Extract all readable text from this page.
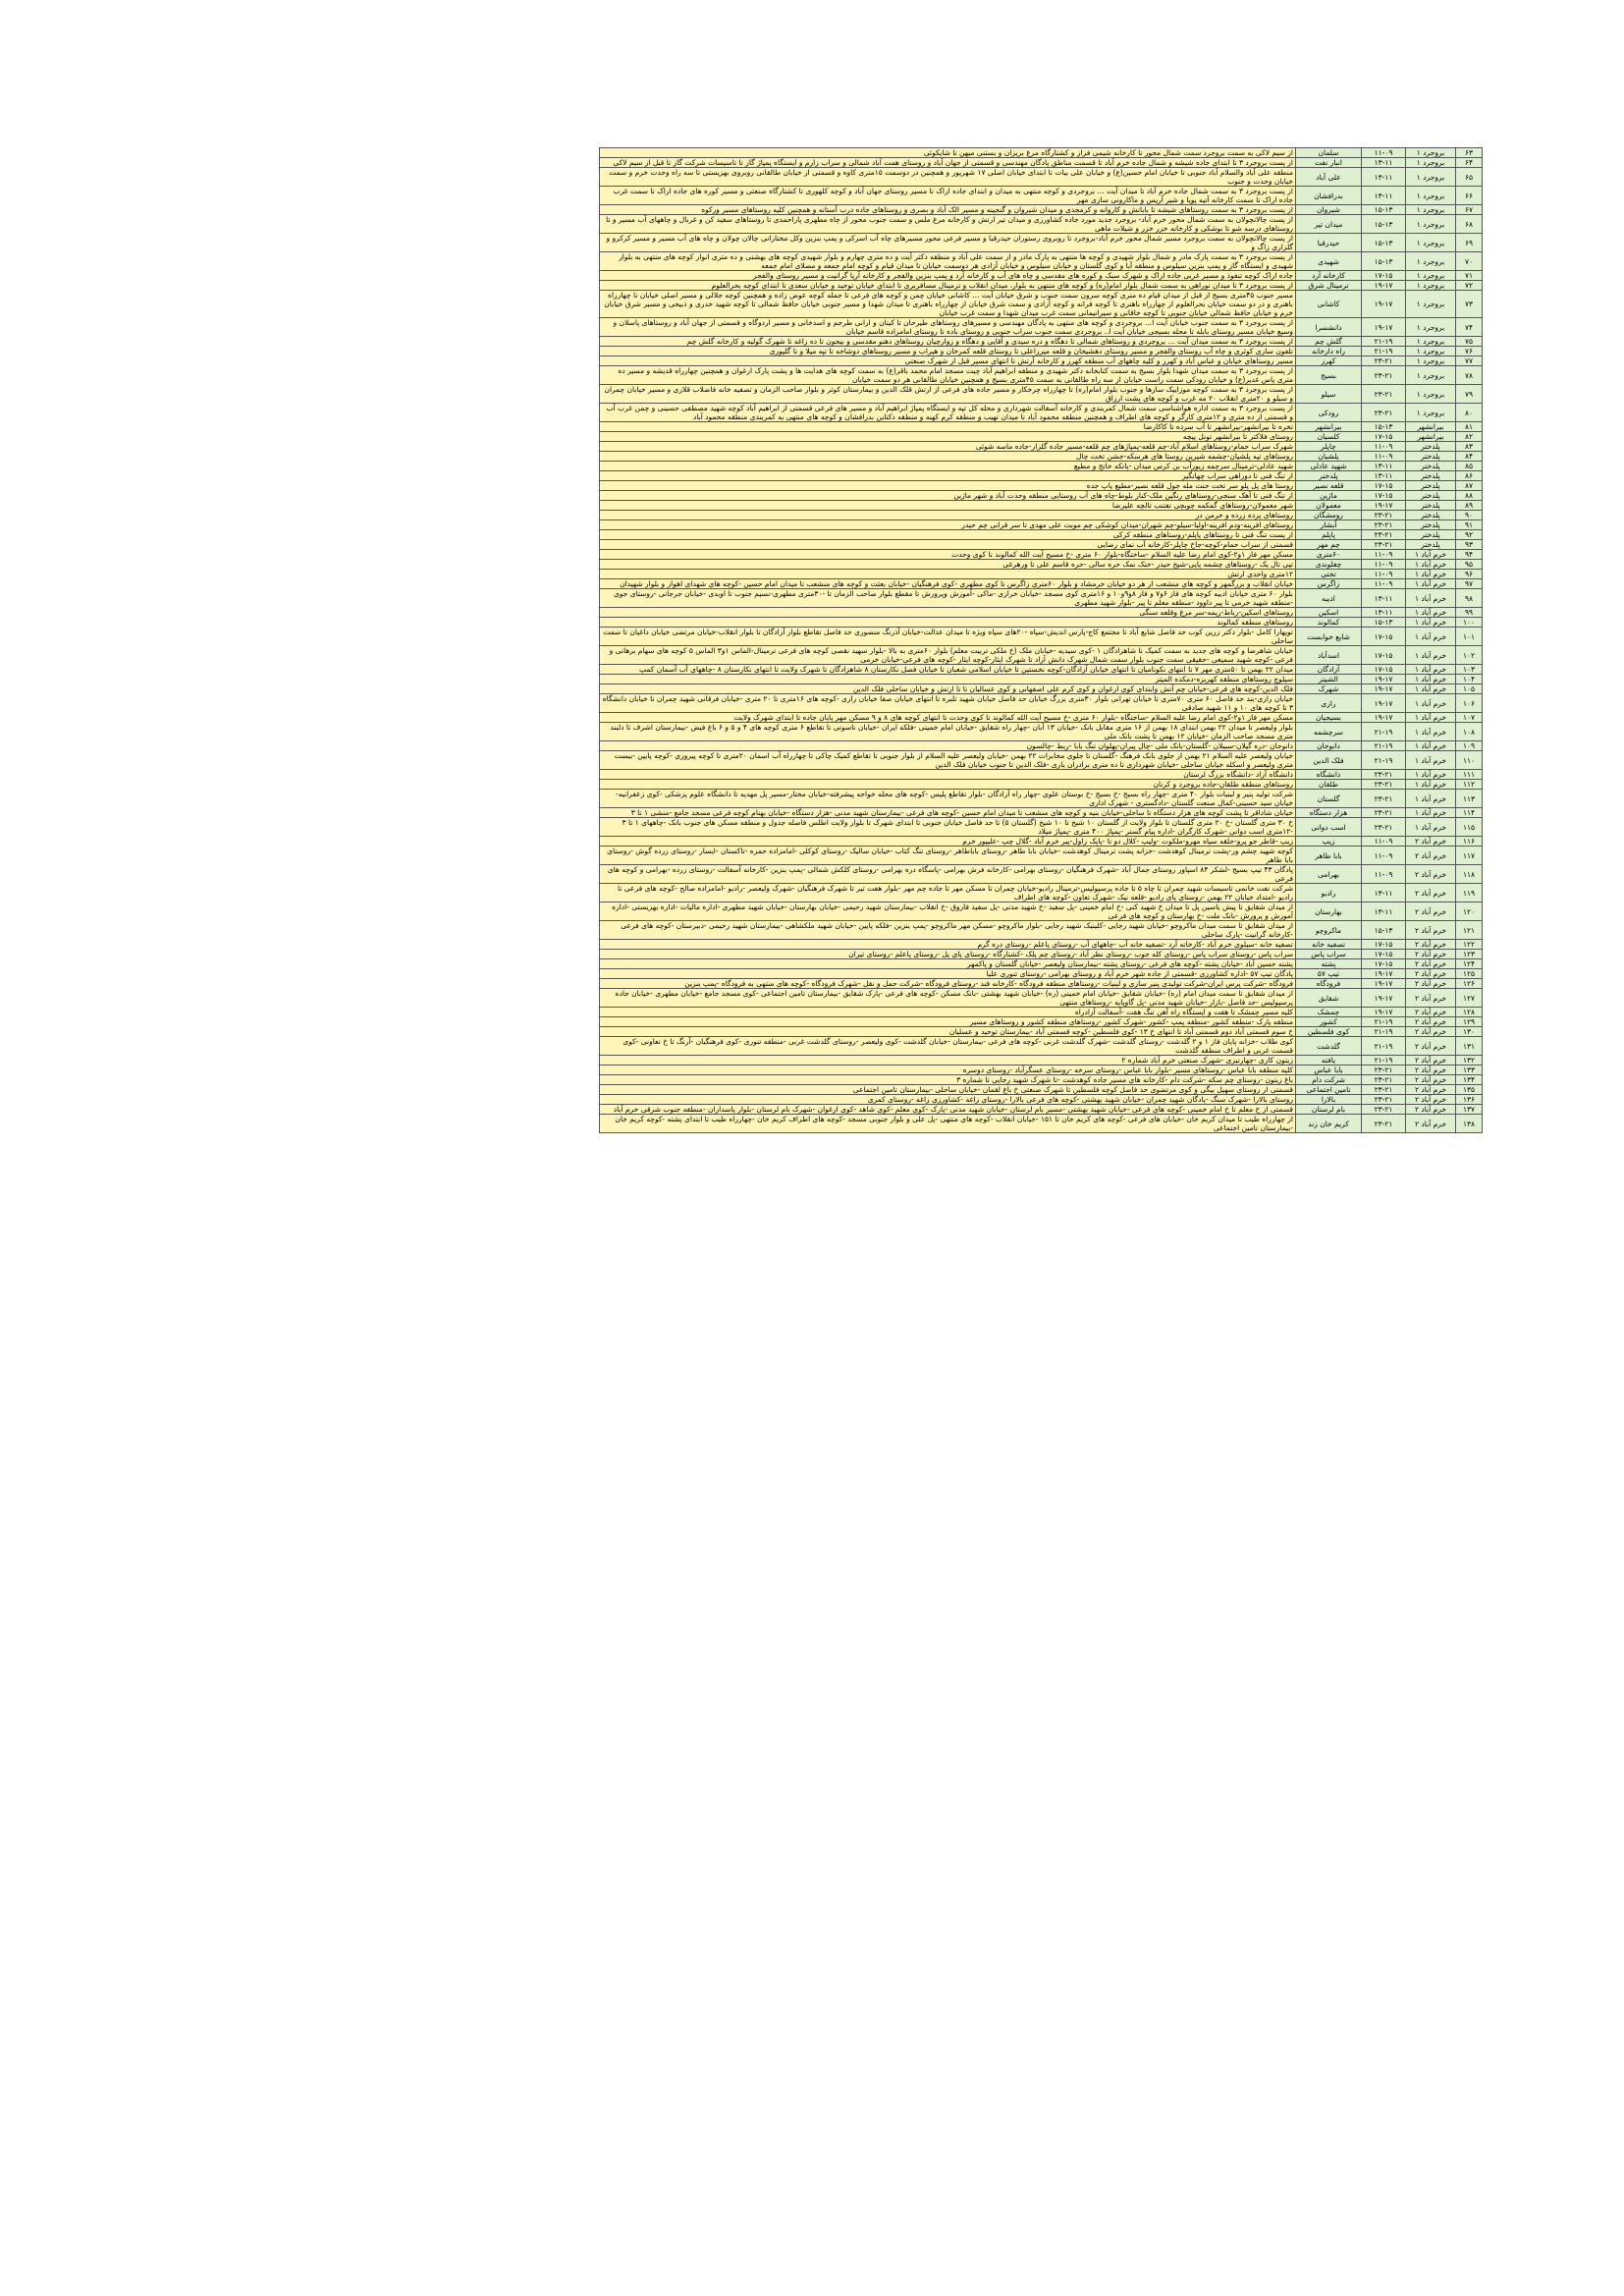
۶۳	بروجرد ۱	۱۱-۰۹	سلمان	از سیم لاکی به سمت بروجرد سمت شمال محور تا کارخانه شیمی فراز و کشتارگاه مرغ بریزان و بستنی میهن تا شایکوئی
۶۴	بروجرد ۱	۱۳-۱۱	انبار نفت	از پست بروجرد ۳ تا ابتدای جاده شیشه و شمال جاده خرم آباد تا قسمت مناطق پادگان مهندسی و قسمتی از جهان آباد و روستای همت آباد شمالی و سراب زارم و ایستگاه پمپاژ گاز تا تاسیسات شرکت گاز تا قبل از سیم لاکی
۶۵	بروجرد ۱	۱۳-۱۱	علی آباد	منطقه علی آباد والسلام آباد جنوبی تا خیابان امام حسین(ع) و خیابان علی بیات تا ابتدای خیابان اصلی ۱۷ شهریور و همچنین در دوسمت ۱۵متری کاوه و قسمتی از خیابان طالقانی روبروی بهزیستی تا سه راه وحدت خرم و سمت خیابان وحدت و جنوب
۶۶	بروجرد ۱	۱۳-۱۱	بدرافشان	از پست بروجرد ۳ به سمت شمال جاده خرم آباد تا میدان آیت ... بروجردی و کوچه منتهی به میدان و ابتدای جاده اراک تا مسیر روستای جهان آباد و کوچه کلهوری تا کشتارگاه صنعتی و مسیر کوره های جاده اراک تا سمت غرب جاده اراک تا سمت کارخانه آتیه پویا و شیر آریس و ماکارونی سازی مهر
۶۷	بروجرد ۱	۱۵-۱۳	شیروان	از پست بروجرد ۳ به سمت روستاهای شیشه تا باباتش و کاروانه و کرمجدی و میدان شیروان و گنجینه و مسیر الک آباد و بصری و روستاهای جاده درب آستانه و همچنین کلیه روستاهای مسیر ورکوه
۶۸	بروجرد ۱	۱۵-۱۳	میدان تیر	از پست چالانچولان به سمت شمال محور خرم آباد- بروجرد جدید مورد جاده کشاورزی و میدان تیر ارتش و کارخانه مرغ ملس و سمت جنوب محور از چاه مطهری پاراحمدی تا روستاهای سفید کن و غربال و چاههای آب مسیر و تا روستاهای درسه شو تا نوشکی و کارخانه خزر خزر و شیلات ماهی
۶۹	بروجرد ۱	۱۵-۱۳	حیدرقبا	از پست چالانچولان به سمت بروجرد مسیر شمال محور خرم آباد-بروجرد تا روبروی رستوران حیدرقبا و مسیر فرعی محور مسیرهای چاه آب اسرکی و پمپ بنزین وکل مختارانی چالان چولان و چاه های آب مسیر و مسیر کرکرو و گلزاری زاگ و
۷۰	بروجرد ۱	۱۵-۱۳	شهیدی	از پست بروجرد ۳ به سمت پارک مادر و شمال بلوار شهیدی و کوچه ها منتهی به پارک مادر و از سمت علی آباد و منطقه دکتر آیت و ده متری چهارم و بلوار شهیدی کوچه های بهشتی و ده متری انوار کوچه های منتهی به بلوار شهیدی و ایستگاه گاز و پمپ بنزین سیلوس و منطقه آبا و کوی گلستان و خیابان سیلوس و خیابان آزادی هر دوسمت خیابان تا میدان قیام و کوچه امام جمعه و مصلای امام جمعه
۷۱	بروجرد ۱	۱۷-۱۵	کارخانه آرد	جاده اراک کوچه تنفوذ و مسیر غربی جاده اراک و شهرک سبک و کوره های مقدسی و چاه های آب و کارخانه آرد و پمپ بنزین والفجر و کارخانه آریا گرانیت و مسیر روستای والفجر
۷۲	بروجرد ۱	۱۹-۱۷	ترمینال شرق	از پست بروجرد ۳ تا میدان نوراهی به سمت شمال بلوار امام(ره) و کوچه های منتهی به بلوار، میدان انقلاب و ترمینال مسافربری تا ابتدای خیابان توحید و خیابان سعدی تا ابتدای کوچه بحرالعلوم
۷۳	بروجرد ۱	۱۹-۱۷	کاشانی	مسیر جنوب ۴۵متری بسیج از قبل از میدان قیام ده متری کوچه سرون سمت جنوب و شرق خیابان آیت ... کاشانی خیابان چمن و کوچه های فرعی تا جمله کوچه عوض زاده و همچنین کوچه جلالی و مسیر اصلی خیابان تا چهارراه باهنری و در دو سمت خیابان بحرالعلوم از چهارراه باهنری تا کوچه فرانه و کوچه آزادی و سمت شرق خیابان از چهارراه باهنری تا میدان شهدا و مسیر جنوبی خیابان حافظ شمالی تا کوچه شهید خدری و ذبیحی و مسیر شرق خیابان خرم و خیابان حافظ شمالی خیابان جنوبی تا کوچه خاقانی و سیرانیمانی سمت غرب میدان شهدا و سمت غرب خیابان
۷۴	بروجرد ۱	۱۹-۱۷	دانشسرا	از پست بروجرد ۳ به سمت جنوب خیابان آیت ا... بروجردی و کوچه های منتهی به پادگان مهندسی و مسیرهای روستاهای طیرحان تا کیتان و ارانی طرجم و اسدخانی و مسیر اردوگاه و قسمتی از جهان آباد و روستاهای پاسلان و وسیع خیابان مسیر روستای بابله تا محله بسیجی خیابان آیت ا.. بروجردی سمت جنوب سراب جنوبی و روستای باده تا روستای امامزاده قاسم خیابان
۷۵	بروجرد ۱	۲۱-۱۹	گلش چم	از پست بروجرد ۳ به سمت میدان آیت ... بروجردی و روستاهای شمالی تا دهگاه و دره سیدی و آقایی و دهگاه و زوارچیان روستاهای دهنو مقدسی و بیجون تا ده زاغه تا شهرک گولیه و کارخانه گلش چم
۷۶	بروجرد ۱	۲۱-۱۹	راه دارخانه	تلفون سازی کوثری و چاه آب روستای والفجر و مسیر روستای دهشیخان و قلعه میرزاعلی تا روستای قلعه کمرخان و هیراب و مسیر روستاهای دوشاخه تا تپه میلا و تا گلپوری
۷۷	بروجرد ۱	۲۳-۲۱	کهرز	مسیر روستاهای خیابان و عباس آباد و کهرز و کلیه چاههای آب منطقه کهرز و کارخانه آرتش تا انتهای مسیر قبل از شهرک صنعتی
۷۸	بروجرد ۱	۲۳-۲۱	بسیج	از پست بروجرد ۳ به سمت میدان شهدا بلوار بسیج به سمت کتابخانه دکتر شهیدی و منطقه ابراهیم آباد چیت مسجد امام محمد باقر(ع) به سمت کوچه های هدایت ها و پشت پارک ارغوان و همچنین چهارراه قدیشه و مسیر ده متری پاس غدیر(ع) و خیابان رودکی سمت راست خیابان از سه راه طالقانی به سمت ۴۵متری بسیج و همچنین خیابان طالقانی هر دو سمت خیابان
۷۹	بروجرد ۱	۲۳-۲۱	سیلو	از پست بروجرد ۳ به سمت کوچه موزاییک سازها و جنوب بلوار امام(ره) تا چهارراه چرخکار و مسیر جاده های فرعی از ارتش قلک الدین و بیمارستان کوثر و بلوار صاحب الزمان و تصفیه خانه فاضلاب قلاری و مسیر خیابان چمران و سیلو و ۲۰متری انقلاب ۲۰ مه غرب و کوچه های پشت ارزاق
۸۰	بروجرد ۱	۲۳-۲۱	رودکی	از پست بروجرد ۳ به سمت اداره هواشناسی سمت شمال کمربندی و کارخانه آسفالت شهرداری و محله کل تپه و ایستگاه پمپاژ ابراهیم آباد و مسیر های فرعی قسمتی از ابراهیم آباد کوچه شهید مصطفی حسینی و چمن غرب آب و قسمتی از ده متری و ۱۲متری کارگر و کوچه های اطراف و همچنین منطقه محمود آباد تا میدان تهیب و منطقه کرم کهنه و منطقه دکتاین بدرافشان و کوچه های منتهی به کمربندی منطقه محمود آباد
۸۱	بیرانشهر	۱۵-۱۳	بیرانشهر	تخره تا بیرانشهر-بیرانشهر تا آب سرده تا کاکارضا
۸۲	بیرانشهر	۱۷-۱۵	کلسیان	روستای فلاکتر تا بیرانشهر تونل پیچه
۸۳	پلدختر	۱۱-۰۹	چاپلر	شهرک سراب حمام-روستاهای اسلام آباد-چم قلعه-پمپاژهای چم قلعه-مسیر جاده گلزار-جاده ماسه شوئی
۸۴	پلدختر	۱۱-۰۹	پلشیان	روستاهای تپه پلشیان-چشمه شیرین روستا های هرسکه-جشن تخت چال
۸۵	پلدختر	۱۳-۱۱	شهید عادلی	شهید عادلی-ترمینال سرچمه زیورآب بن کرس میدان -پاتکه خانج و مطیع
۸۶	پلدختر	۱۳-۱۱	پلدختر	از تنگ فنی تا دوراهی سراب چهانگیر
۸۷	پلدختر	۱۷-۱۵	قلعه نصیر	روستا های پل پلو سر تخت حنت مله جول قلعه نصیر-مطیع پاپ جده
۸۸	پلدختر	۱۷-۱۵	ماژین	از تنگ فنی تا آهک سنجی-روستاهای رنگین ملک-کنار بلوط-چاه های آب روستایی منطقه وحدت آباد و شهر ماژین
۸۹	پلدختر	۱۹-۱۷	معمولان	شهر معمولان-روستاهای گمکمه چوبچی تفتنب تالچه علیرضا
۹۰	پلدختر	۲۳-۲۱	رومشگان	روستاهای پرده زرده و خرمن در
۹۱	پلدختر	۲۳-۲۱	آبشار	روستاهای افرینه-ودم افرینه-اولیا-سیلو-چم شهران-میدان کوشکی چم موبت علی مهدی تا سر قرانی چم حیدر
۹۲	پلدختر	۲۳-۲۱	پاپلم	از پست تنگ فنی تا روستاهای پاپلم-روستاهای منطقه کرکی
۹۳	پلدختر	۲۳-۲۱	چم مهر	قسمتی از سراب حمام-کوچه-جاخ چاپلر-کارخانه آب نمای رضایی
۹۴	خرم آباد ۱	۱۱-۰۹	۶۰متری	مسکن مهر فاز ۱و۲-کوی امام رضا علیه السلام -ساختگاه-بلوار ۶۰ متری -خ مسیح آیت الله کمالوند تا کوی وحدت
۹۵	خرم آباد ۱	۱۱-۰۹	چغلوندی	تپی تال یک -روستاهای چشمه پاپی-شیخ حیدر -خنک نمک حره سالی -حره قاسم علی تا ورهرغی
۹۶	خرم آباد ۱	۱۱-۰۹	تختی	۱۲متری واحدی ارتش
۹۷	خرم آباد ۱	۱۱-۰۹	زاگرس	خیابان انقلاب و بزرگمهر و کوچه های منشعب از هر دو خیابان خرمشاد و بلوار ۶۰متری زاگرس تا کوی مطهری -کوی فرهنگیان -خیابان بعثت و کوچه های منشعب تا میدان امام حسین -کوچه های شهدای اهواز و بلوار شهیدان
۹۸	خرم آباد ۱	۱۳-۱۱	ادیبه	بلوار ۶۰ متری خیابان ادیبه کوچه های فاز ۶و۷ و فاز ۸و۹و۱۰ و ۱۶متری کوی مسجد -خیابان خرازی -ماکی -آموزش وپرورش تا مقطع بلوار صاحب الزمان تا -۳۰متری مطهری-نسیم جنوب تا اوبدی -خیابان جرجانی -روستای جوی -منطقه شهید خرمی تا پیر داوود -منطقه معلم تا پیر -بلوار شهید مطهری
۹۹	خرم آباد ۱	۱۳-۱۱	اسکین	روستاهای اسکین-رباط-رپمه-سر مرغ وقلعه سنگی
۱۰۰	خرم آباد ۱	۱۵-۱۳	کمالوند	روستاهای منطقه کمالوند
۱۰۱	خرم آباد ۱	۱۷-۱۵	شایع خوابست	توپهارا کامل -بلوار دکتر زرین کوب حد فاصل شایع آباد تا مجتمع کاج-پارس اندیش-سپاه -۲۰های سپاه ویژه تا میدان عدالت-خیابان آذرنگ منصوری حد فاصل تقاطع بلوار آزادگان تا بلوار انقلاب-خیابان مرتضی خیابان داغیان تا سمت ساحلی
۱۰۲	خرم آباد ۱	۱۷-۱۵	اسدآباد	خیابان شاهرضا و کوچه های جدید به سمت کمیک تا شاهزادگان ۱ -کوی سیدیه -خیابان ملک (خ ملکی تربیت معلم) بلوار ۶۰متری به بالا -بلوار سهید نقصی کوچه های فرعی ترمینال-الماس ۱و۳ الماس ۵ کوچه های سهام برهانی و فرعی -کوچه شهید سمیعی -حقیقی سمت جنوب بلوار سمت شمال شهرک دانش آزاد تا شهرک ایثار-کوچه ایثار -کوچه های فرعی-خیابان خرمی
۱۰۳	خرم آباد ۱	۱۷-۱۵	آزادگان	میدان ۲۲ بهمن تا ۵۰متری مهر ۷ تا انتهای نکونامیان تا انتهای خیابان آزادگان-کوچه نخستین تا خیابان اسلامی شعبان تا خیابان فصل نکارستان ۸ شاهزادگان تا شهرک ولایت تا انتهای نکارستان ۸ -چاههای آب آسمان کمپ
۱۰۴	خرم آباد ۱	۱۹-۱۷	الشیتر	سیلوچ روستاهای منطقه کهریزه-دمکده المیتر
۱۰۵	خرم آباد ۱	۱۹-۱۷	شهرک	فلک الدین-کوچه های فرعی-خیابان چم آتش وابتدای کوی ارغوان و کوی کرم علی اصفهانی و کوی عسالیان تا تا ارتش و خیابان ساحلی فلک الدین
۱۰۶	خرم آباد ۱	۱۹-۱۷	رازی	خیابان رازی-بند حد فاصل ۶۰ متری ۷۰متری تا خیابان تهرانی بلوار ۳۰متری بزرگ خیابان حد فاصل خیابان شهید تلبره تا انتهای خیابان صفا خیابان رازی -کوچه های ۱۶متری تا ۲۰ متری -خیابان فرقانی شهید چمران تا خیابان دانشگاه ۳ تا کوچه های ۱۰ و ۱۱ شهید صادقی
۱۰۷	خرم آباد ۱	۱۹-۱۷	بسیجیان	مسکن مهر فاز ۱و۲-کوی امام رضا علیه السلام -ساختگاه -بلوار ۶۰ متری -خ مسیح آیت الله کمالوند تا کوی وحدت تا انتهای کوچه های ۸ و ۹ مسکن مهر پایان جاده تا ابتدای شهرک ولایت
۱۰۸	خرم آباد ۱	۲۱-۱۹	سرچشمه	بلوار ولیعصر تا میدان ۲۲ بهمن ابتدای ۱۸ بهمن از ۱۶ متری مقابل بانک -خیابان ۱۳ آبان -چهار راه شقایق -خیابان امام خمینی -فلکه ایران -خیابان ناسوتی تا تقاطع ۶ متری کوچه های ۴ و ۵ و ۶ باغ فیض -بیمارستان اشرف تا دلبند متری مسجد صاحب الزمان -خیابان ۱۲ بهمن تا پشت بانک ملی
۱۰۹	خرم آباد ۱	۲۱-۱۹	دانوجان	دانوجان -دره گیلان-سبیلان -گلستان-بانک ملی -چال پیران-پهلوان تنگ بابا -ربط -چالسون
۱۱۰	خرم آباد ۱	۲۱-۱۹	فلک الدین	خیابان ولیعصر علیه السلام ۲۱ بهمن از جلوی بانک فرهنگ -گلستان تا جلوی مخابرات ۲۲ بهمن -خیابان ولیعصر علیه السلام از بلوار جنوبی تا تقاطع کمیک چاکی تا چهارراه آب اسمان ۲۰متری تا کوچه پیروزی -کوچه پایین -بیست متری ولیعصر و اسکله خیابان ساحلی -خیابان شهرداری تا ده متری برادران یاری -فلک الدین تا جنوب خیابان فلک الدین
۱۱۱	خرم آباد ۱	۲۳-۲۱	دانشگاه	دانشگاه آزاد -دانشگاه بزرگ لرستان
۱۱۲	خرم آباد ۱	۲۳-۲۱	طلقان	روستاهای منطقه طلقان-جاده بروجرد و کرنان
۱۱۳	خرم آباد ۱	۲۳-۲۱	گلستان	شرکت تولید پنیر و لبنیات بلوار ۴۰ متری -چهار راه بسیج -خ بسیج -خ بوستان علوی -چهار راه آزادگان -بلوار تقاطع پلیس -کوچه های محله خواجه پیشرفته-خیابان مختار-مسیر پل مهدیه تا دانشگاه علوم پزشکی -کوی زعفرانیه-خیابان سید حسینی-کمال صنعت گلستان -دادگستری - شهرک اداری
۱۱۴	خرم آباد ۱	۲۳-۲۱	هزار دستگاه	خیابان شاداقر تا پشت کوچه های هزار دستگاه تا ساحلی-خیابان بنیه و کوچه های منشعب تا میدان امام حسین -کوچه های فرعی -بیمارستان شهید مدنی -هزار دستگاه -خیابان بهنام کوچه فرعی مسجد جامع -منشی ۱ تا ۳
۱۱۵	خرم آباد ۱	۲۳-۲۱	اسب دوانی	خ ۳۰ متری گلستان -خ ۲۰ متری گلستان تا بلوار ولایت از گلستان ۱۰ شیخ تا ۱۰ شیخ (گلستان ۵) تا حد فاصل خیابان جنوبی تا ابتدای شهرک تا بلوار ولایت اطلس فاصله جدول و منطقه مسکن های جنوب بانک -چاههای ۱ تا ۳ -۱۲متری اسب دوانی -شهرک کارگران -اداره پیام گستر -پمپاژ ۴۰۰ متری -پمپاژ میلاد
۱۱۶	خرم آباد ۲	۱۱-۰۹	زیپ	زیپ -قاطر جو پرو-حلقه سیاه مهرو-ملکوت -ولیپ -کلال دو تا -پاپک زاول-پیر خرم آباد -گلال چپ -علیپور خرم
۱۱۷	خرم آباد ۲	۱۱-۰۹	بابا طاهر	کوچه شهید چشم ور-پشت ترمینال کوهدشت -خزانه پشت ترمینال کوهدشت -خیابان بابا طاهر -روستای باباطاهر -روستای تنگ کتاب -خیابان سالیک -روستای کوکلی -امامزاده حمزه -تاکستان -ایسار -روستای زرده گوش -روستای بابا طاهر
۱۱۸	خرم آباد ۲	۱۱-۰۹	بهرامی	پادگان ۴۳ تیپ بسیج -لشکر ۸۴ اسپاور روستای جمال آباد -شهرک فرهنگیان -روستای بهرامی -کارخانه فرش بهرامی -پاسگاه دره بهرامی -روستای کلکش شمالی -پمپ بنزین -کارخانه آسفالت -روستای زرده -بهرامی و کوچه های فرعی
۱۱۹	خرم آباد ۲	۱۳-۱۱	رادیو	شرکت نفت خانمی تاسیسات شهید چمران تا چاه ۵ تا جاده پرسپولیس-ترمینال رادیو-خیابان چمران تا مسکن مهر تا جاده چم مهر -بلوار هفت تیر تا شهرک فرهنگیان -شهرک ولیعصر -رادیو -امامزاده صالح -کوچه های فرعی تا رادیو -امتداد خیابان ۲۲ بهمن -روستای پای رادیو -قلعه نیک -شهرک تعاون -کوچه های اطراف
۱۲۰	خرم آباد ۲	۱۳-۱۱	بهارستان	از میدان شقایق تا پیش یاسین پل تا میدان خ شهید کنی -خ امام خمینی -پل سفید -خ شهید مدنی -پل سفید فاروق -خ انقلاب -بیمارستان شهید رحیمی -خیابان بهارستان -خیابان شهید مطهری -اداره مالیات -اداره بهزیستی -اداره آموزش و پرورش -بانک ملت -خ بهارستان و کوچه های فرعی
۱۲۱	خرم آباد ۲	۱۵-۱۳	ماکروچو	از میدان شقایق تا سمت میدان ماکروچو -خیابان شهید رجایی -کلینیک شهید رجایی -بلوار ماکروچو -مسکن مهر ماکروچو -پمپ بنزین -فلکه پایین -خیابان شهید ملکشاهی -بیمارستان شهید رحیمی -دبیرستان -کوچه های فرعی -کارخانه گرانیت -پارک ساحلی
۱۲۲	خرم آباد ۲	۱۷-۱۵	تصفیه خانه	تصفیه خانه -سیلوی خرم آباد -کارخانه آرد -تصفیه خانه آب -چاههای آب -روستای پاعلم -روستای دره گرم
۱۲۳	خرم آباد ۲	۱۷-۱۵	سراب پاس	سراب پاس -روستای سراب پاس -روستای کله جوب -روستای نظر آباد -روستای چم پلک -کشتارگاه -روستای پای پل -روستای پاعلم -روستای تیران
۱۲۴	خرم آباد ۲	۱۷-۱۵	پشته	پشته حسین آباد -خیابان پشته -کوچه های فرعی -روستای پشته -بیمارستان ولیعصر -خیابان گلستان و پاکمهر
۱۲۵	خرم آباد ۲	۱۹-۱۷	تیپ ۵۷	پادگان تیپ ۵۷ -اداره کشاورزی -قسمتی از جاده شهر خرم آباد و روستای بهرامی -روستای تنوری علیا
۱۲۶	خرم آباد ۲	۱۹-۱۷	فرودگاه	فرودگاه -شرکت پرس ایران-شرکت تولیدی پنیر سازی و لبنیات -روستاهای منطقه فرودگاه -کارخانه قند -روستای فرودگاه -شرکت حمل و نقل -شهرک فرودگاه -کوچه های منتهی به فرودگاه -پمپ بنزین
۱۲۷	خرم آباد ۲	۱۹-۱۷	شقایق	از میدان شقایق تا سمت میدان امام (ره) -خیابان شقایق -خیابان امام خمینی (ره) -خیابان شهید بهشتی -بانک مسکن -کوچه های فرعی -پارک شقایق -بیمارستان تامین اجتماعی -کوی مسجد جامع -خیابان مطهری -خیابان جاده پرسپولیس -حد فاصل -بازار -خیابان شهید مدنی -پل گاوپایه -روستاهای منتهی
۱۲۸	خرم آباد ۲	۱۹-۱۷	چمشک	کلیه مسیر چمشک تا هفت و ایستگاه راه آهن تنگ هفت -آسفالت آزادراه
۱۲۹	خرم آباد ۲	۲۱-۱۹	کشور	منطقه پارک -منطقه کشور -منطقه پمپ -کشور -شهرک کشور -روستاهای منطقه کشور و روستاهای مسیر
۱۳۰	خرم آباد ۲	۲۱-۱۹	کوی فلسطین	خ سوم قسمتی آباد دوم قسمتی آباد تا انتهای خ ۱۳ -کوی فلسطین -کوچه قسمتی آباد -بیمارستان توحید و عسلیان
۱۳۱	خرم آباد ۲	۲۱-۱۹	گلدشت	کوی طلاب -خزانه پایان فاز ۱ و ۲ گلدشت -روستای گلدشت -شهرک گلدشت غربی -کوچه های فرعی -بیمارستان -خیابان گلدشت -کوی ولیعصر -روستای گلدشت غربی -منطقه تنوری -کوی فرهنگیان -آرنگ تا خ تعاونی -کوی قسمت غربی و اطراف منطقه گلدشت
۱۳۲	خرم آباد ۲	۲۱-۱۹	یافته	زیتون کاری -چهارتیزی -شهرک صنعتی خرم آباد شماره ۲
۱۳۳	خرم آباد ۲	۲۳-۲۱	بابا عباس	کلیه منطقه بابا عباس -روستاهای مسیر -بلوار بابا عباس -روستای سرخه -روستای عسگرآباد -روستای دوسره
۱۳۴	خرم آباد ۲	۲۳-۲۱	شرکت دام	باغ زیتون -روستای چم سکه -شرکت دام -کارخانه های مسیر جاده کوهدشت -تا شهرک شهید رجایی تا شماره ۳
۱۳۵	خرم آباد ۲	۲۳-۲۱	تامین اجتماعی	قسمتی از روستای سهیل بیگی و کوی مرتضوی حد فاصل کوچه فلسطین تا شهرک صنعتی خ باغ لقمان -خیابان ساحلی -بیمارستان تامین اجتماعی
۱۳۶	خرم آباد ۲	۲۳-۲۱	بالارا	روستای بالارا -شهرک سنگ -پادگان شهید چمران -خیابان شهید بهشتی -کوچه های فرعی بالارا -روستای زاغه -کشاورزی زاغه -روستای کمری
۱۳۷	خرم آباد ۲	۲۳-۲۱	بام لرستان	قسمتی از خ معلم تا خ امام خمینی -کوچه های فرعی -خیابان شهید بهشتی -مسیر بام لرستان -خیابان شهید مدنی -پارک -کوی معلم -کوی شاهد -کوی ارغوان -شهرک بام لرستان -بلوار پاسداران -منطقه جنوب شرقی خرم آباد
۱۳۸	خرم آباد ۲	۲۳-۲۱	کریم خان زند	از چهارراه طیب تا میدان کریم خان -خیابان های فرعی -کوچه های کریم خان تا ۱۵۱ -خیابان انقلاب -کوچه های منتهی -پل علی و بلوار جنوبی مسجد -کوچه های اطراف کریم خان -چهارراه طیب تا ابتدای پشته -کوچه کریم خان -بیمارستان تامین اجتماعی
